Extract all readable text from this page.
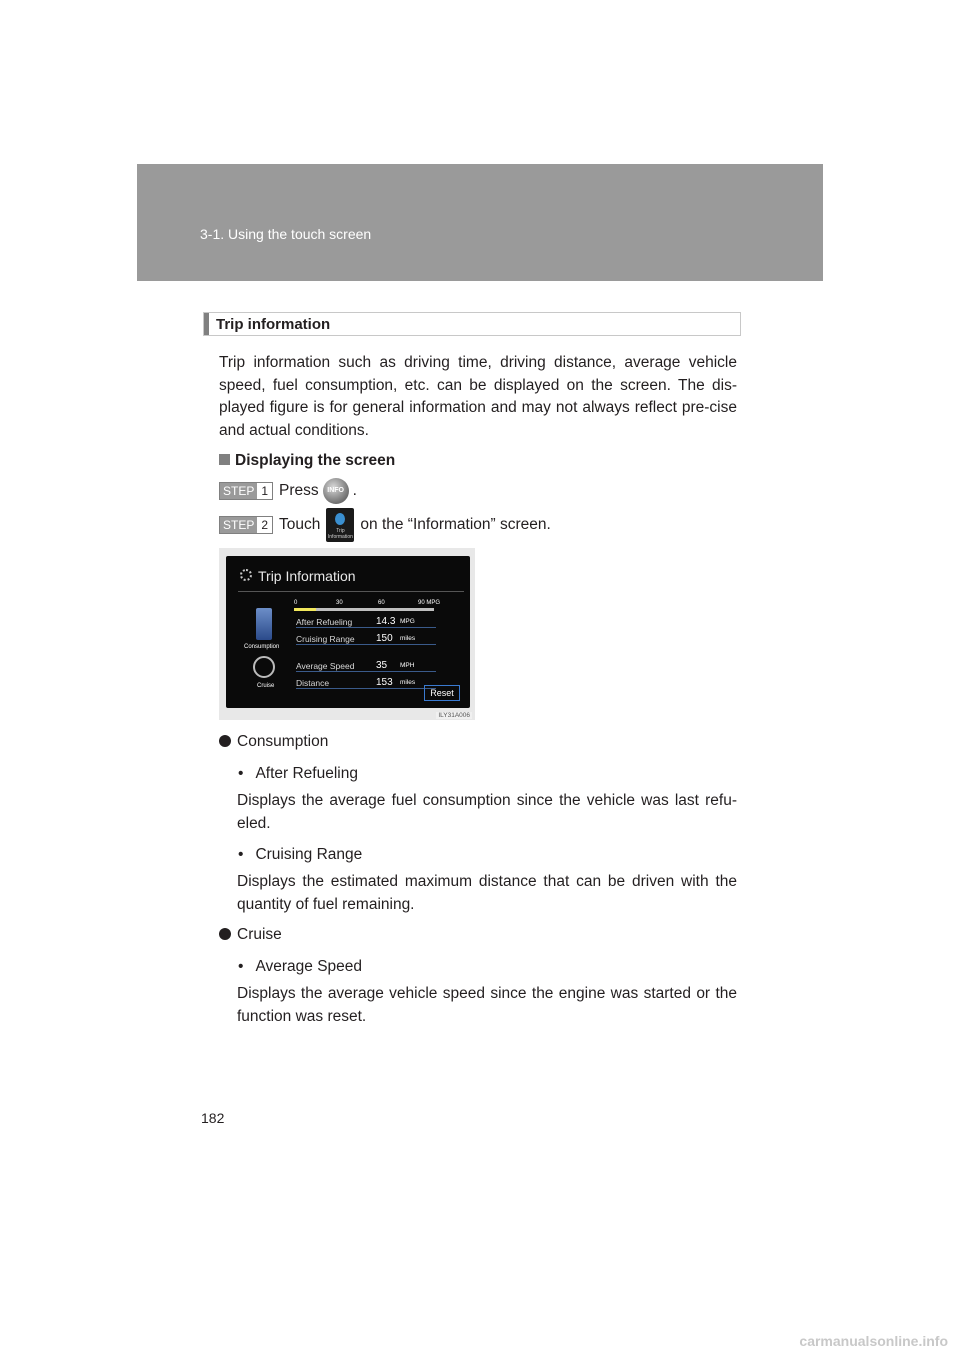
3-1. Using the touch screen
Trip information
Trip information such as driving time, driving distance, average vehicle speed, fuel consumption, etc. can be displayed on the screen. The dis-played figure is for general information and may not always reflect pre-cise and actual conditions.
Displaying the screen
STEP 1 Press	INFO .
STEP 2 Touch	Trip Information
on the “Information” screen.
Trip Information
0	30	60	90 MPG
Consumption
Cruise
After Refueling 14.3 MPG
Cruising Range 150 miles
Average Speed 35 MPH
Distance	153 miles
Reset
ILY31A006
Consumption
• After Refueling
Displays the average fuel consumption since the vehicle was last refu-eled.
• Cruising Range
Displays the estimated maximum distance that can be driven with the quantity of fuel remaining.
Cruise
• Average Speed
Displays the average vehicle speed since the engine was started or the function was reset.
182
carmanualsonline.info
